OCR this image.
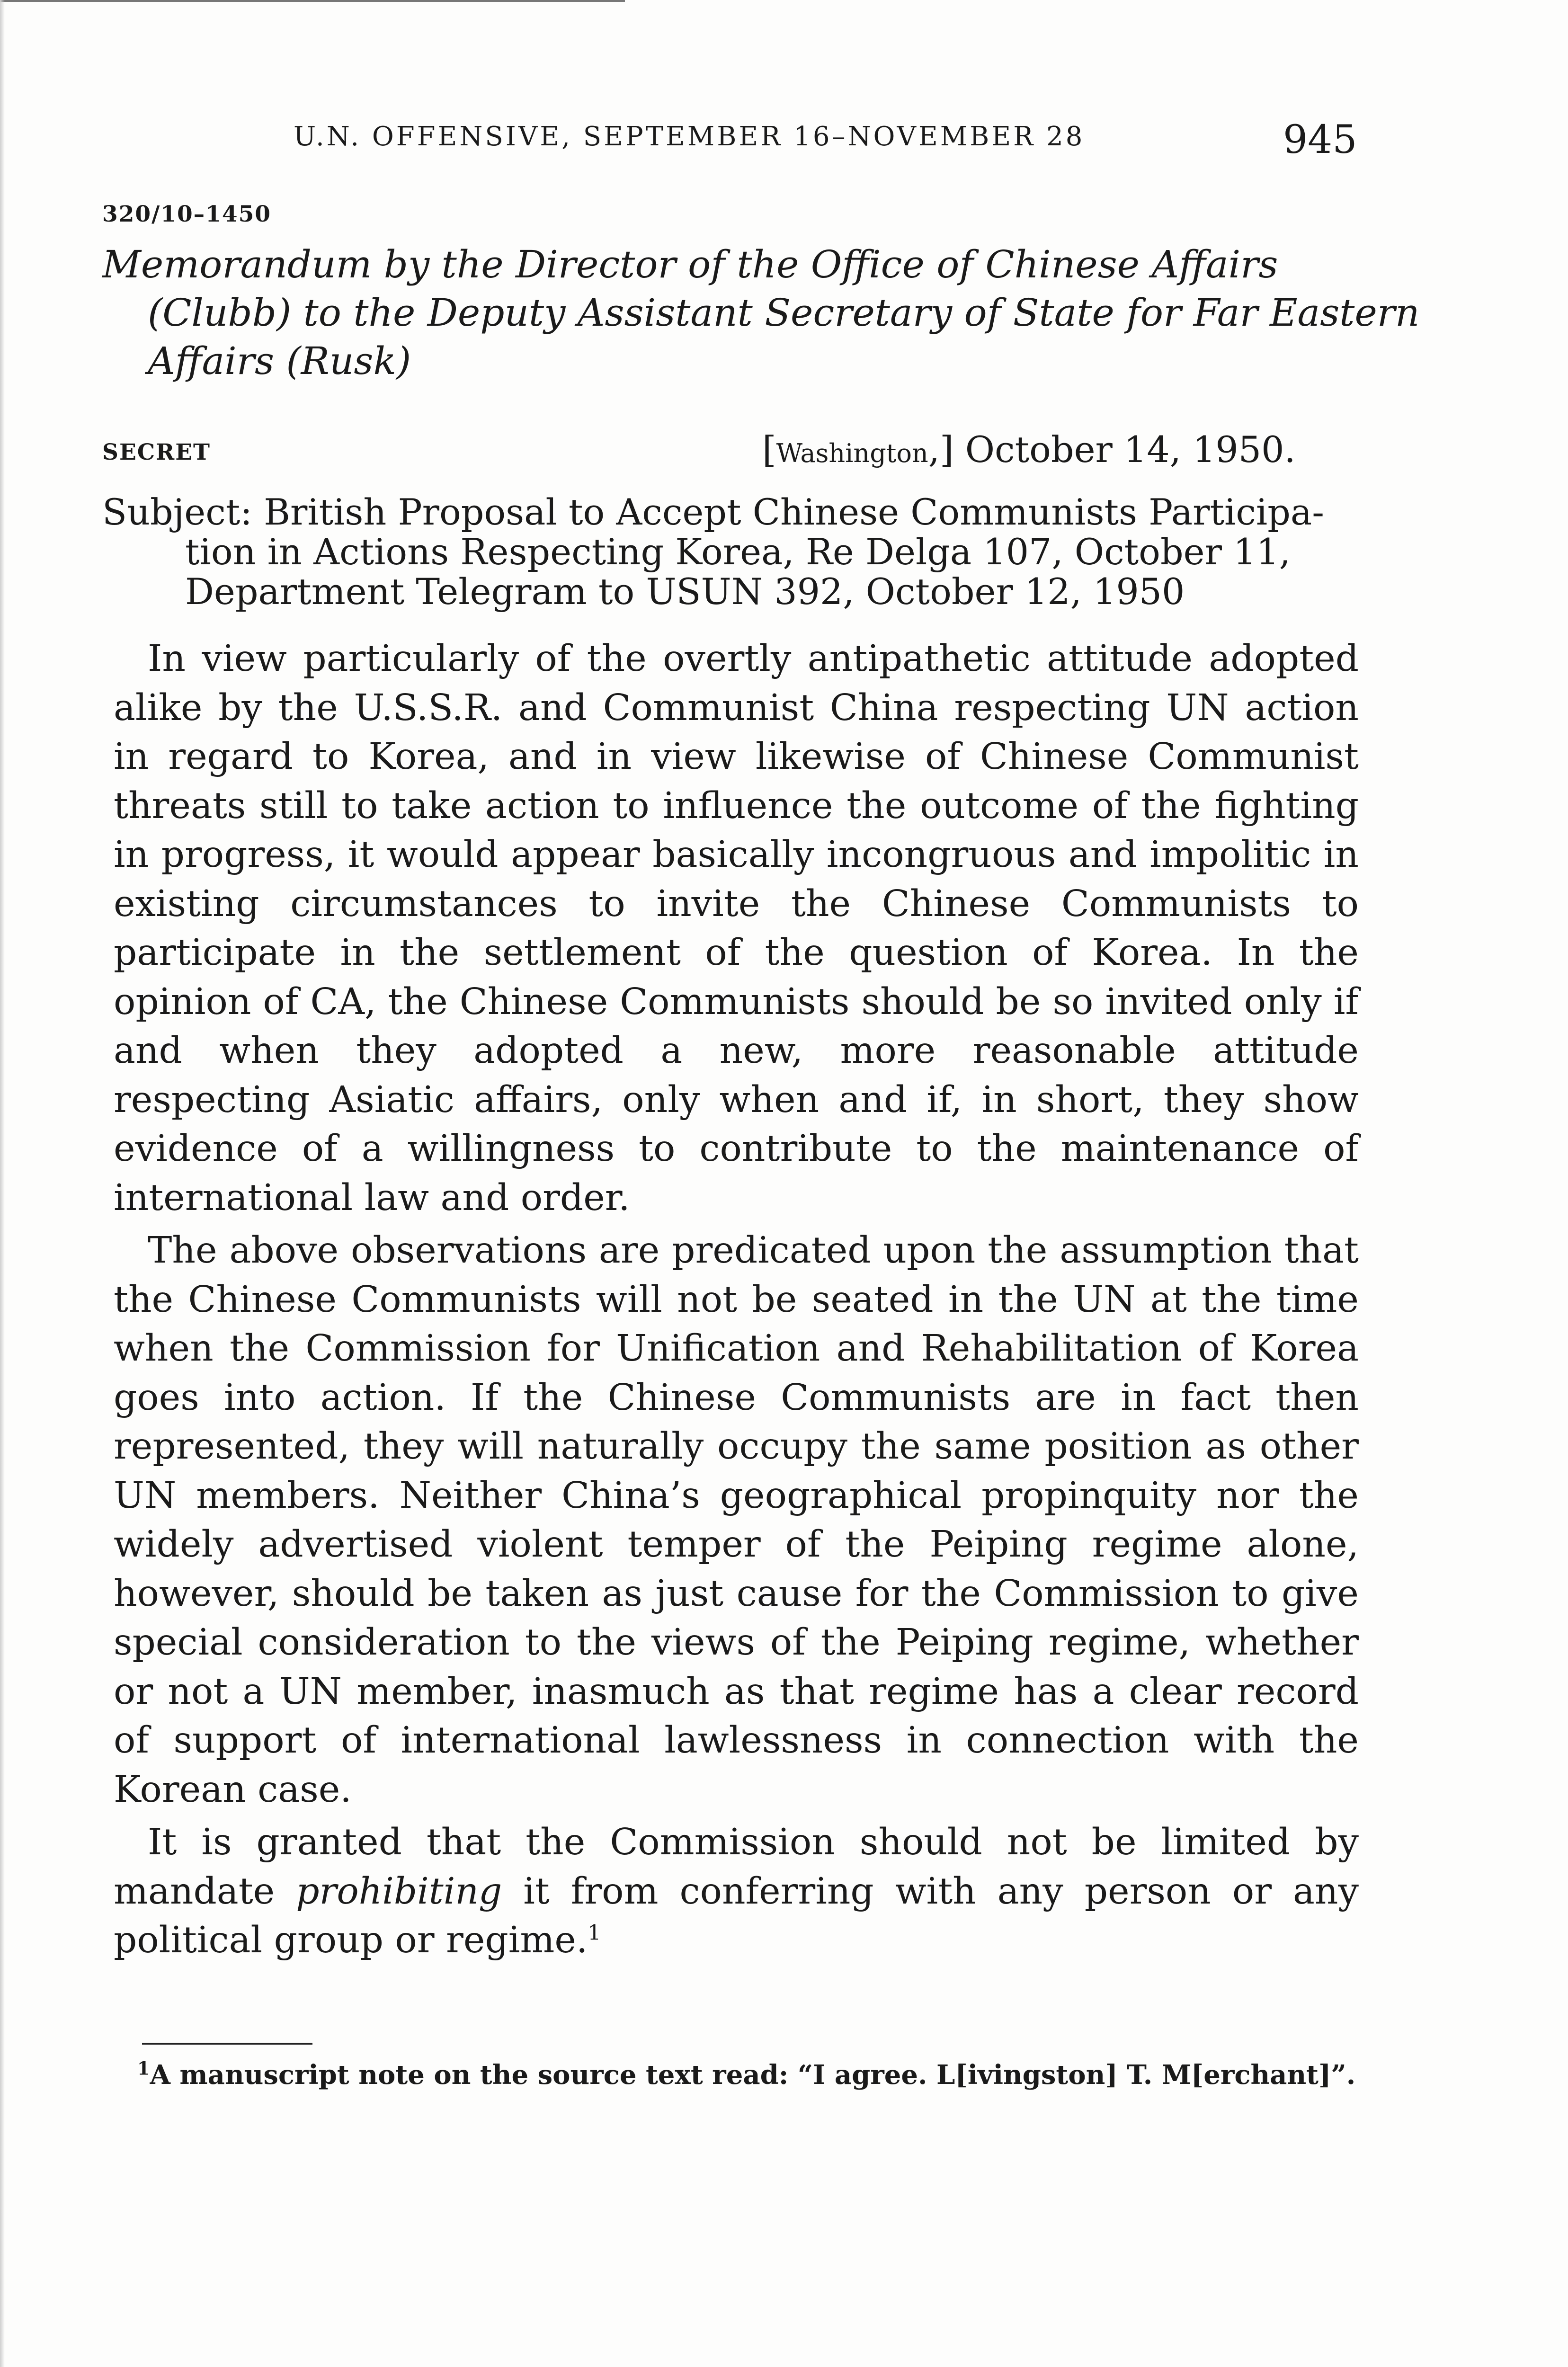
U.N. OFFENSIVE, SEPTEMBER 16–NOVEMBER 28	945
320/10–1450
Memorandum by the Director of the Office of Chinese Affairs (Clubb) to the Deputy Assistant Secretary of State for Far Eastern Affairs (Rusk)
SECRET	[Washington,] October 14, 1950.
Subject: British Proposal to Accept Chinese Communists Participa-
tion in Actions Respecting Korea, Re Delga 107, October 11,
Department Telegram to USUN 392, October 12, 1950

In view particularly of the overtly antipathetic attitude adopted alike by the U.S.S.R. and Communist China respecting UN action in regard to Korea, and in view likewise of Chinese Communist threats still to take action to influence the outcome of the fighting in progress, it would appear basically incongruous and impolitic in existing circumstances to invite the Chinese Communists to participate in the settlement of the question of Korea. In the opinion of CA, the Chinese Communists should be so invited only if and when they adopted a new, more reasonable attitude respecting Asiatic affairs, only when and if, in short, they show evidence of a willingness to contribute to the maintenance of international law and order.

The above observations are predicated upon the assumption that the Chinese Communists will not be seated in the UN at the time when the Commission for Unification and Rehabilitation of Korea goes into action. If the Chinese Communists are in fact then represented, they will naturally occupy the same position as other UN members. Neither China’s geographical propinquity nor the widely advertised violent temper of the Peiping regime alone, however, should be taken as just cause for the Commission to give special consideration to the views of the Peiping regime, whether or not a UN member, inasmuch as that regime has a clear record of support of international lawlessness in connection with the Korean case.

It is granted that the Commission should not be limited by mandate prohibiting it from conferring with any person or any political group or regime.$^1$

$^1$A manuscript note on the source text read: “I agree. L[ivingston] T. M[erchant]”.
